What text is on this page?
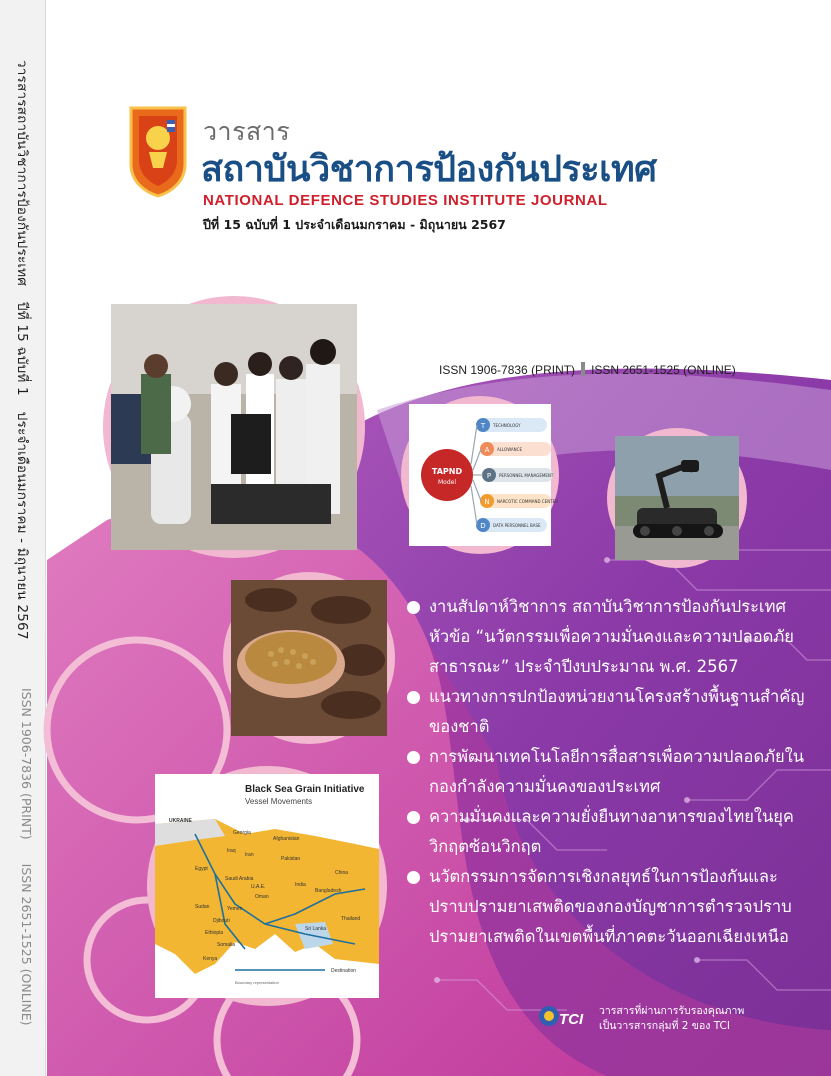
วารสารสถาบันวิชาการป้องกันประเทศปีที่ 15 ฉบับที่ 1ประจำเดือนมกราคม - มิถุนายน 2567
ISSN 1906-7836 (PRINT)ISSN 2651-1525 (ONLINE)
วารสาร
สถาบันวิชาการป้องกันประเทศ
NATIONAL DEFENCE STUDIES INSTITUTE JOURNAL
ปีที่ 15 ฉบับที่ 1 ประจำเดือนมกราคม - มิถุนายน 2567
ISSN 1906-7836 (PRINT) ISSN 2651-1525 (ONLINE)
TAPND
Model
T TECHNOLOGY
A ALLOWANCE
P PERSONNEL MANAGEMENT
N NARCOTIC COMMAND CENTER
D DATA PERSONNEL BASE
Black Sea Grain Initiative
Vessel Movements
UKRAINE
Georgia
Iraq
Iran
Afghanistan
Pakistan
China
Egypt
Saudi Arabia
U.A.E.
Oman
India
Bangladesh
Sudan	Yemen
Djibouti
Ethiopia
Somalia
Kenya
Sri Lanka
Thailand
Destination
Boundary representation
งานสัปดาห์วิชาการ สถาบันวิชาการป้องกันประเทศ หัวข้อ “นวัตกรรมเพื่อความมั่นคงและความปลอดภัยสาธารณะ” ประจำปีงบประมาณ พ.ศ. 2567
แนวทางการปกป้องหน่วยงานโครงสร้างพื้นฐานสำคัญของชาติ
การพัฒนาเทคโนโลยีการสื่อสารเพื่อความปลอดภัยในกองกำลังความมั่นคงของประเทศ
ความมั่นคงและความยั่งยืนทางอาหารของไทยในยุควิกฤตซ้อนวิกฤต
นวัตกรรมการจัดการเชิงกลยุทธ์ในการป้องกันและปราบปรามยาเสพติดของกองบัญชาการตำรวจปราบปรามยาเสพติดในเขตพื้นที่ภาคตะวันออกเฉียงเหนือ
TCI วารสารที่ผ่านการรับรองคุณภาพ
เป็นวารสารกลุ่มที่ 2 ของ TCI
